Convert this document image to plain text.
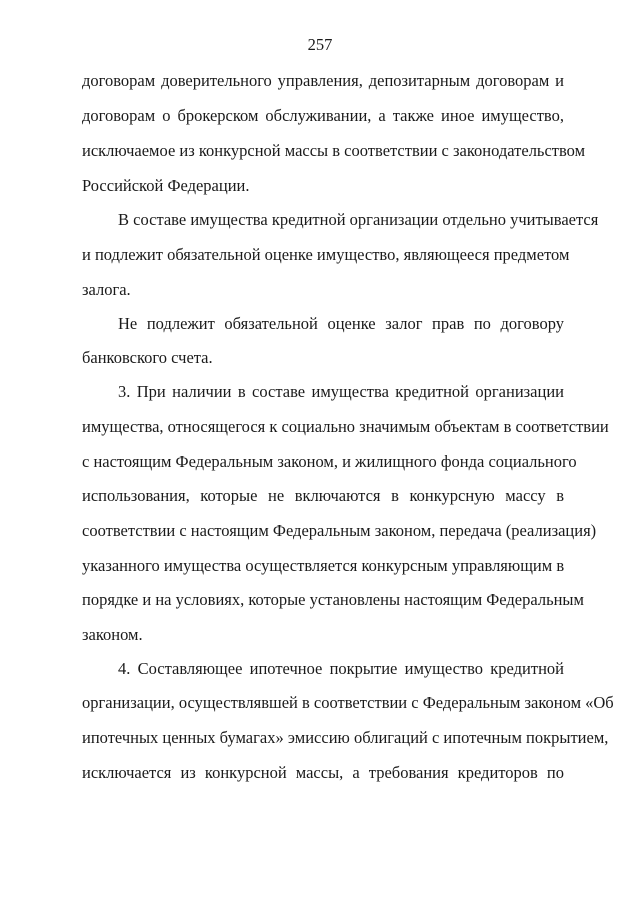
257
договорам доверительного управления, депозитарным договорам и
договорам о брокерском обслуживании, а также иное имущество,
исключаемое из конкурсной массы в соответствии с законодательством
Российской Федерации.
В составе имущества кредитной организации отдельно учитывается
и подлежит обязательной оценке имущество, являющееся предметом
залога.
Не подлежит обязательной оценке залог прав по договору
банковского счета.
3. При наличии в составе имущества кредитной организации
имущества, относящегося к социально значимым объектам в соответствии
с настоящим Федеральным законом, и жилищного фонда социального
использования, которые не включаются в конкурсную массу в
соответствии с настоящим Федеральным законом, передача (реализация)
указанного имущества осуществляется конкурсным управляющим в
порядке и на условиях, которые установлены настоящим Федеральным
законом.
4. Составляющее ипотечное покрытие имущество кредитной
организации, осуществлявшей в соответствии с Федеральным законом «Об
ипотечных ценных бумагах» эмиссию облигаций с ипотечным покрытием,
исключается из конкурсной массы, а требования кредиторов по
